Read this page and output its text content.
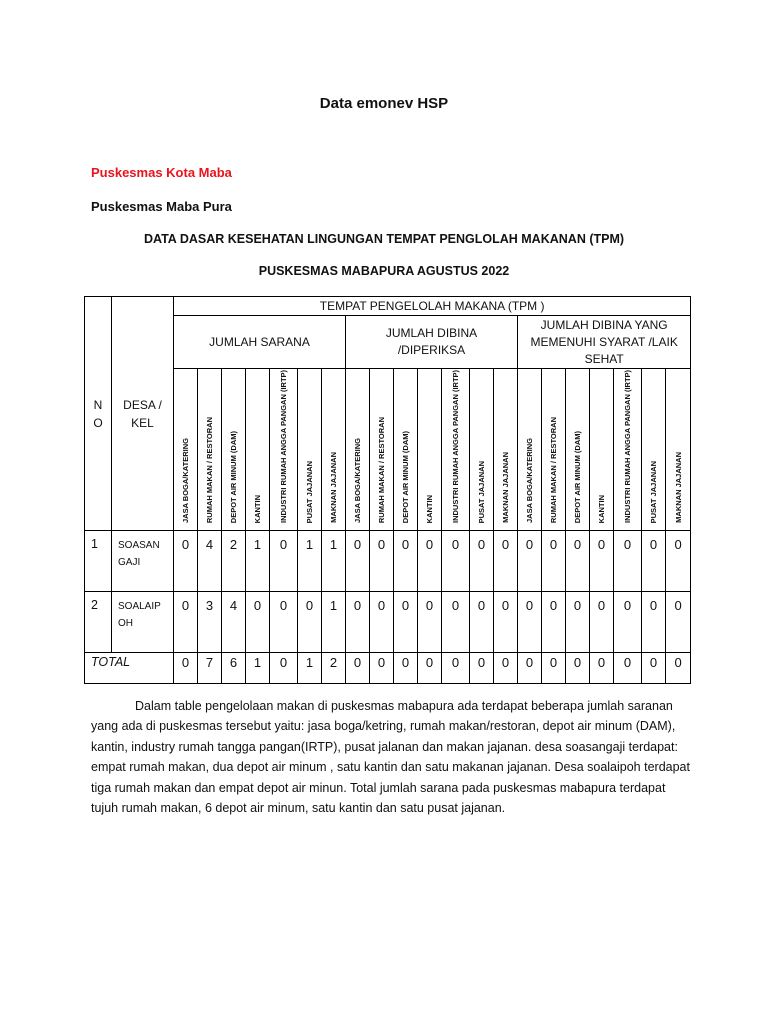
Data emonev HSP
Puskesmas Kota Maba
Puskesmas Maba Pura
DATA DASAR KESEHATAN LINGUNGAN TEMPAT PENGLOLAH MAKANAN (TPM)
PUSKESMAS MABAPURA AGUSTUS 2022
N O	DESA / KEL	TEMPAT PENGELOLAH MAKANA (TPM )																				
		JUMLAH SARANA							JUMLAH DIBINA /DIPERIKSA							JUMLAH DIBINA YANG MEMENUHI SYARAT /LAIK SEHAT						
		JASA BOGA/KATERING	RUMAH MAKAN / RESTORAN	DEPOT AIR MINUM (DAM)	KANTIN	INDUSTRI RUMAH ANGGA PANGAN (IRTP)	PUSAT JAJANAN	MAKNAN JAJANAN	JASA BOGA/KATERING	RUMAH MAKAN / RESTORAN	DEPOT AIR MINUM (DAM)	KANTIN	INDUSTRI RUMAH ANGGA PANGAN (IRTP)	PUSAT JAJANAN	MAKNAN JAJANAN	JASA BOGA/KATERING	RUMAH MAKAN / RESTORAN	DEPOT AIR MINUM (DAM)	KANTIN	INDUSTRI RUMAH ANGGA PANGAN (IRTP)	PUSAT JAJANAN	MAKNAN JAJANAN
1	SOASAN GAJI	0	4	2	1	0	1	1	0	0	0	0	0	0	0	0	0	0	0	0	0	0
2	SOALAIP OH	0	3	4	0	0	0	1	0	0	0	0	0	0	0	0	0	0	0	0	0	0
TOTAL		0	7	6	1	0	1	2	0	0	0	0	0	0	0	0	0	0	0	0	0	0

Dalam table pengelolaan makan di puskesmas mabapura ada terdapat beberapa jumlah saranan yang ada di puskesmas tersebut yaitu: jasa boga/ketring, rumah makan/restoran, depot air minum (DAM), kantin, industry rumah tangga pangan(IRTP), pusat jalanan dan makan jajanan. desa soasangaji terdapat: empat rumah makan, dua depot air minum , satu kantin dan satu makanan jajanan. Desa soalaipoh terdapat tiga rumah makan dan empat depot air minun. Total jumlah sarana pada puskesmas mabapura terdapat tujuh rumah makan, 6 depot air minum, satu kantin dan satu pusat jajanan.
